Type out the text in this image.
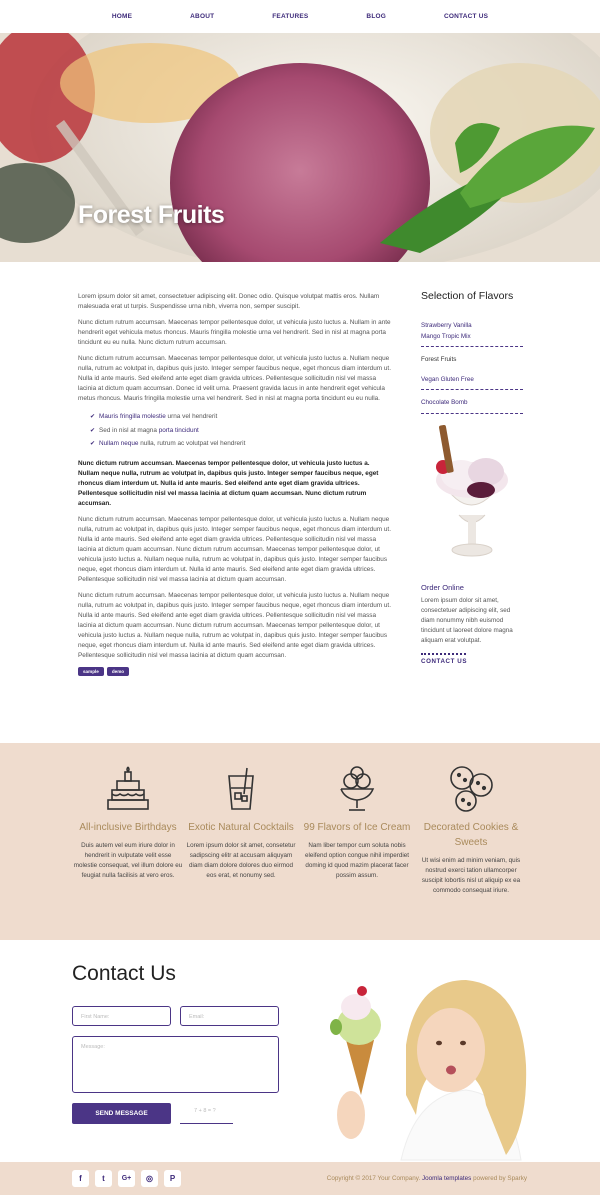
HOME	ABOUT	FEATURES	BLOG	CONTACT US
Forest Fruits

Lorem ipsum dolor sit amet, consectetuer adipiscing elit. Donec odio. Quisque volutpat mattis eros. Nullam malesuada erat ut turpis. Suspendisse urna nibh, viverra non, semper suscipit.

Nunc dictum rutrum accumsan. Maecenas tempor pellentesque dolor, ut vehicula justo luctus a. Nullam in ante hendrerit eget vehicula metus rhoncus. Mauris fringilla molestie urna vel hendrerit. Sed in nisl at magna porta tincidunt eu eu nulla. Nunc dictum rutrum accumsan.

Nunc dictum rutrum accumsan. Maecenas tempor pellentesque dolor, ut vehicula justo luctus a. Nullam neque nulla, rutrum ac volutpat in, dapibus quis justo. Integer semper faucibus neque, eget rhoncus diam interdum ut. Nulla id ante mauris. Sed eleifend ante eget diam gravida ultrices. Pellentesque sollicitudin nisl vel massa lacinia at dictum quam accumsan. Donec id velit urna. Praesent gravida lacus in ante hendrerit eget vehicula metus rhoncus. Mauris fringilla molestie urna vel hendrerit. Sed in nisl at magna porta tincidunt eu eu nulla.

✔ Mauris fringilla molestie urna vel hendrerit
✔ Sed in nisl at magna porta tincidunt
✔ Nullam neque nulla, rutrum ac volutpat vel hendrerit

Nunc dictum rutrum accumsan. Maecenas tempor pellentesque dolor, ut vehicula justo luctus a. Nullam neque nulla, rutrum ac volutpat in, dapibus quis justo. Integer semper faucibus neque, eget rhoncus diam interdum ut. Nulla id ante mauris. Sed eleifend ante eget diam gravida ultrices. Pellentesque sollicitudin nisl vel massa lacinia at dictum quam accumsan. Nunc dictum rutrum accumsan.

Nunc dictum rutrum accumsan. Maecenas tempor pellentesque dolor, ut vehicula justo luctus a. Nullam neque nulla, rutrum ac volutpat in, dapibus quis justo. Integer semper faucibus neque, eget rhoncus diam interdum ut. Nulla id ante mauris. Sed eleifend ante eget diam gravida ultrices. Pellentesque sollicitudin nisl vel massa lacinia at dictum quam accumsan. Nunc dictum rutrum accumsan. Maecenas tempor pellentesque dolor, ut vehicula justo luctus a. Nullam neque nulla, rutrum ac volutpat in, dapibus quis justo. Integer semper faucibus neque, eget rhoncus diam interdum ut. Nulla id ante mauris. Sed eleifend ante eget diam gravida ultrices. Pellentesque sollicitudin nisl vel massa lacinia at dictum quam accumsan.

Nunc dictum rutrum accumsan. Maecenas tempor pellentesque dolor, ut vehicula justo luctus a. Nullam neque nulla, rutrum ac volutpat in, dapibus quis justo. Integer semper faucibus neque, eget rhoncus diam interdum ut. Nulla id ante mauris. Sed eleifend ante eget diam gravida ultrices. Pellentesque sollicitudin nisl vel massa lacinia at dictum quam accumsan. Nunc dictum rutrum accumsan. Maecenas tempor pellentesque dolor, ut vehicula justo luctus a. Nullam neque nulla, rutrum ac volutpat in, dapibus quis justo. Integer semper faucibus neque, eget rhoncus diam interdum ut. Nulla id ante mauris. Sed eleifend ante eget diam gravida ultrices. Pellentesque sollicitudin nisl vel massa lacinia at dictum quam accumsan.

sample	demo
Selection of Flavors
Strawberry Vanilla
Mango Tropic Mix
Forest Fruits
Vegan Gluten Free
Chocolate Bomb
Order Online
Lorem ipsum dolor sit amet, consectetuer adipiscing elit, sed diam nonummy nibh euismod tincidunt ut laoreet dolore magna aliquam erat volutpat.
CONTACT US
All-inclusive Birthdays

Duis autem vel eum iriure dolor in hendrerit in vulputate velit esse molestie consequat, vel illum dolore eu feugiat nulla facilisis at vero eros.

Exotic Natural Cocktails

Lorem ipsum dolor sit amet, consetetur sadipscing elitr at accusam aliquyam diam diam dolore dolores duo eirmod eos erat, et nonumy sed.

99 Flavors of Ice Cream

Nam liber tempor cum soluta nobis eleifend option congue nihil imperdiet doming id quod mazim placerat facer possim assum.

Decorated Cookies & Sweets

Ut wisi enim ad minim veniam, quis nostrud exerci tation ullamcorper suscipit lobortis nisl ut aliquip ex ea commodo consequat iriure.

Contact Us
First Name:	Email:
Message:
SEND MESSAGE	7 + 8 = ?
f	t	G+	◎	P	Copyright © 2017 Your Company. Joomla templates powered by Sparky
